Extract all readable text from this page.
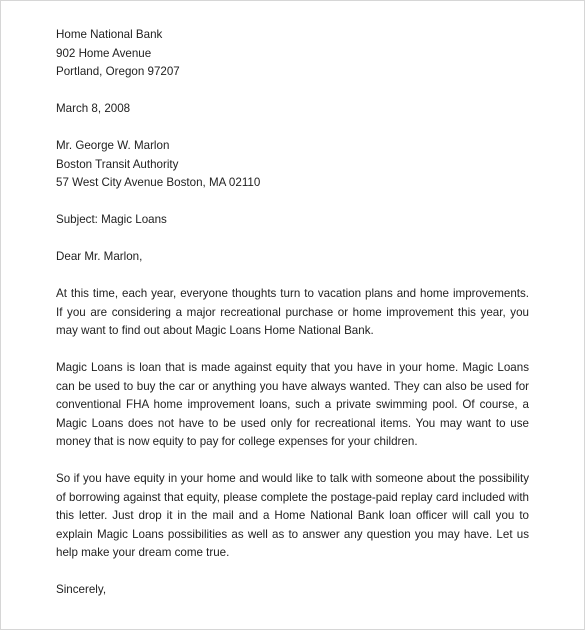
Home National Bank
902 Home Avenue
Portland, Oregon 97207
March 8, 2008
Mr. George W. Marlon
Boston Transit Authority
57 West City Avenue Boston, MA 02110
Subject: Magic Loans
Dear Mr. Marlon,

At this time, each year, everyone thoughts turn to vacation plans and home improvements. If you are considering a major recreational purchase or home improvement this year, you may want to find out about Magic Loans Home National Bank.

Magic Loans is loan that is made against equity that you have in your home. Magic Loans can be used to buy the car or anything you have always wanted. They can also be used for conventional FHA home improvement loans, such a private swimming pool. Of course, a Magic Loans does not have to be used only for recreational items. You may want to use money that is now equity to pay for college expenses for your children.

So if you have equity in your home and would like to talk with someone about the possibility of borrowing against that equity, please complete the postage-paid replay card included with this letter. Just drop it in the mail and a Home National Bank loan officer will call you to explain Magic Loans possibilities as well as to answer any question you may have. Let us help make your dream come true.

Sincerely,
